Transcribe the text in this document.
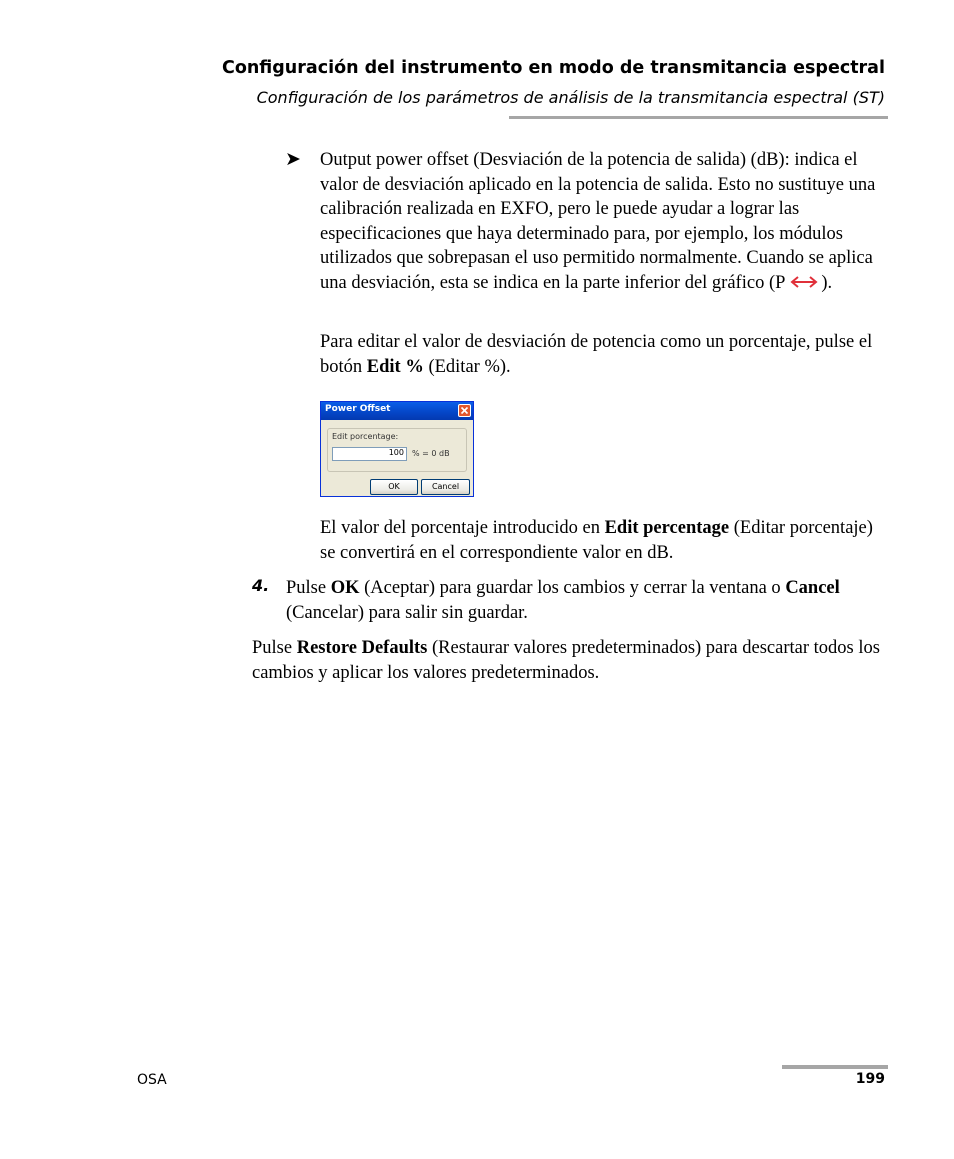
Configuración del instrumento en modo de transmitancia espectral
Configuración de los parámetros de análisis de la transmitancia espectral (ST)
➤ Output power offset (Desviación de la potencia de salida) (dB): indica el valor de desviación aplicado en la potencia de salida. Esto no sustituye una calibración realizada en EXFO, pero le puede ayudar a lograr las especificaciones que haya determinado para, por ejemplo, los módulos utilizados que sobrepasan el uso permitido normalmente. Cuando se aplica una desviación, esta se indica en la parte inferior del gráfico (P ).
Para editar el valor de desviación de potencia como un porcentaje, pulse el botón Edit % (Editar %).
Power Offset
Edit porcentage:
100	% = 0 dB
OK	Cancel
El valor del porcentaje introducido en Edit percentage (Editar porcentaje) se convertirá en el correspondiente valor en dB.
4. Pulse OK (Aceptar) para guardar los cambios y cerrar la ventana o Cancel (Cancelar) para salir sin guardar.
Pulse Restore Defaults (Restaurar valores predeterminados) para descartar todos los cambios y aplicar los valores predeterminados.
OSA	199
